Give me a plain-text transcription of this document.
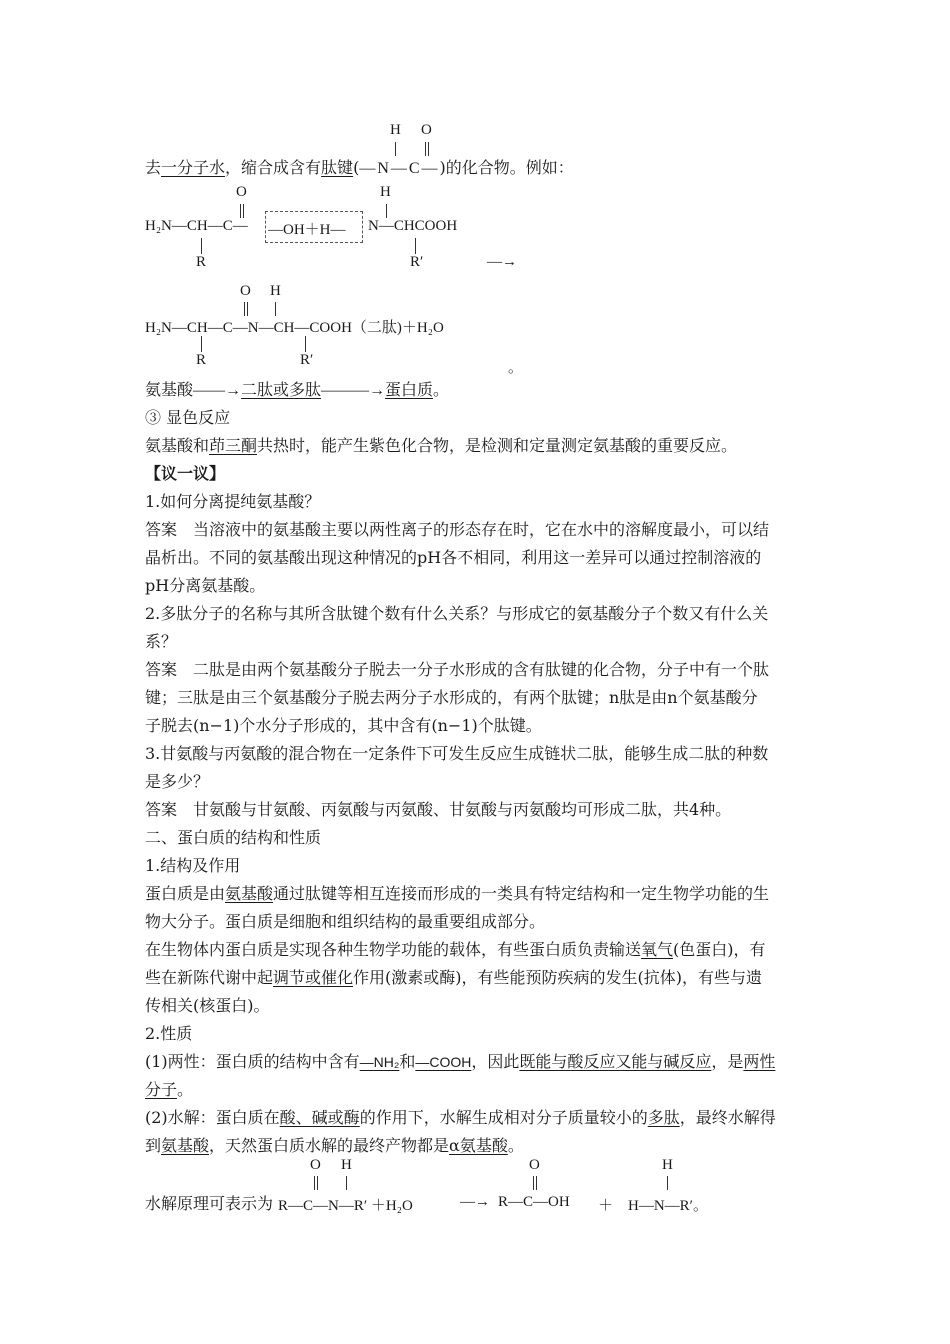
H O
去一分子水，缩合成含有肽键(—N—C—)的化合物。例如：
O	H
H₂N—CH—C— —OH＋H— N—CHCOOH
R	R′	—→
O H
H₂N—CH—C—N—CH—COOH（二肽)＋H₂O
R	R′	。
氨基酸——→二肽或多肽———→蛋白质。
③ 显色反应
氨基酸和茚三酮共热时，能产生紫色化合物，是检测和定量测定氨基酸的重要反应。
【议一议】
1.如何分离提纯氨基酸？
答案　当溶液中的氨基酸主要以两性离子的形态存在时，它在水中的溶解度最小，可以结
晶析出。不同的氨基酸出现这种情况的pH各不相同，利用这一差异可以通过控制溶液的
pH分离氨基酸。
2.多肽分子的名称与其所含肽键个数有什么关系？与形成它的氨基酸分子个数又有什么关
系？
答案　二肽是由两个氨基酸分子脱去一分子水形成的含有肽键的化合物，分子中有一个肽
键；三肽是由三个氨基酸分子脱去两分子水形成的，有两个肽键；n肽是由n个氨基酸分
子脱去(n−1)个水分子形成的，其中含有(n−1)个肽键。
3.甘氨酸与丙氨酸的混合物在一定条件下可发生反应生成链状二肽，能够生成二肽的种数
是多少？
答案　甘氨酸与甘氨酸、丙氨酸与丙氨酸、甘氨酸与丙氨酸均可形成二肽，共4种。
二、蛋白质的结构和性质
1.结构及作用
蛋白质是由氨基酸通过肽键等相互连接而形成的一类具有特定结构和一定生物学功能的生
物大分子。蛋白质是细胞和组织结构的最重要组成部分。
在生物体内蛋白质是实现各种生物学功能的载体，有些蛋白质负责输送氧气(色蛋白)，有
些在新陈代谢中起调节或催化作用(激素或酶)，有些能预防疾病的发生(抗体)，有些与遗
传相关(核蛋白)。
2.性质
(1)两性：蛋白质的结构中含有—NH₂和—COOH，因此既能与酸反应又能与碱反应，是两性
分子。
(2)水解：蛋白质在酸、碱或酶的作用下，水解生成相对分子质量较小的多肽，最终水解得
到氨基酸，天然蛋白质水解的最终产物都是α氨基酸。
O H	O	H
水解原理可表示为 R—C—N—R′ ＋H₂O	—→ R—C—OH ＋ H—N—R′。
